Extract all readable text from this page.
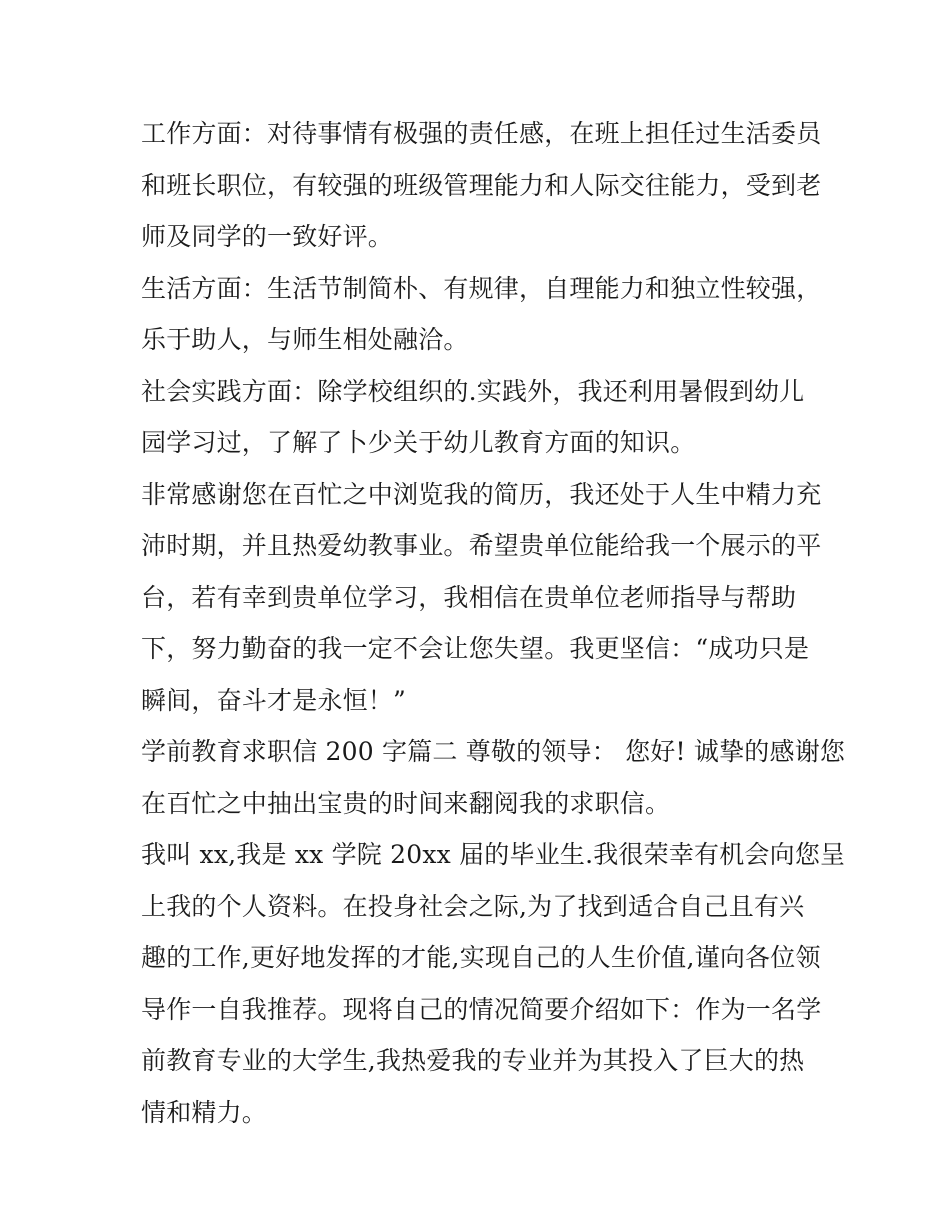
工作方面：对待事情有极强的责任感，在班上担任过生活委员
和班长职位，有较强的班级管理能力和人际交往能力，受到老
师及同学的一致好评。
生活方面：生活节制简朴、有规律，自理能力和独立性较强，
乐于助人，与师生相处融洽。
社会实践方面：除学校组织的.实践外，我还利用暑假到幼儿
园学习过，了解了卜少关于幼儿教育方面的知识。
非常感谢您在百忙之中浏览我的简历，我还处于人生中精力充
沛时期，并且热爱幼教事业。希望贵单位能给我一个展示的平
台，若有幸到贵单位学习，我相信在贵单位老师指导与帮助
下，努力勤奋的我一定不会让您失望。我更坚信：“成功只是
瞬间，奋斗才是永恒！”
学前教育求职信 200 字篇二 尊敬的领导： 您好! 诚挚的感谢您
在百忙之中抽出宝贵的时间来翻阅我的求职信。
我叫 xx,我是 xx 学院 20xx 届的毕业生.我很荣幸有机会向您呈
上我的个人资料。在投身社会之际,为了找到适合自己且有兴
趣的工作,更好地发挥的才能,实现自己的人生价值,谨向各位领
导作一自我推荐。现将自己的情况简要介绍如下：作为一名学
前教育专业的大学生,我热爱我的专业并为其投入了巨大的热
情和精力。
